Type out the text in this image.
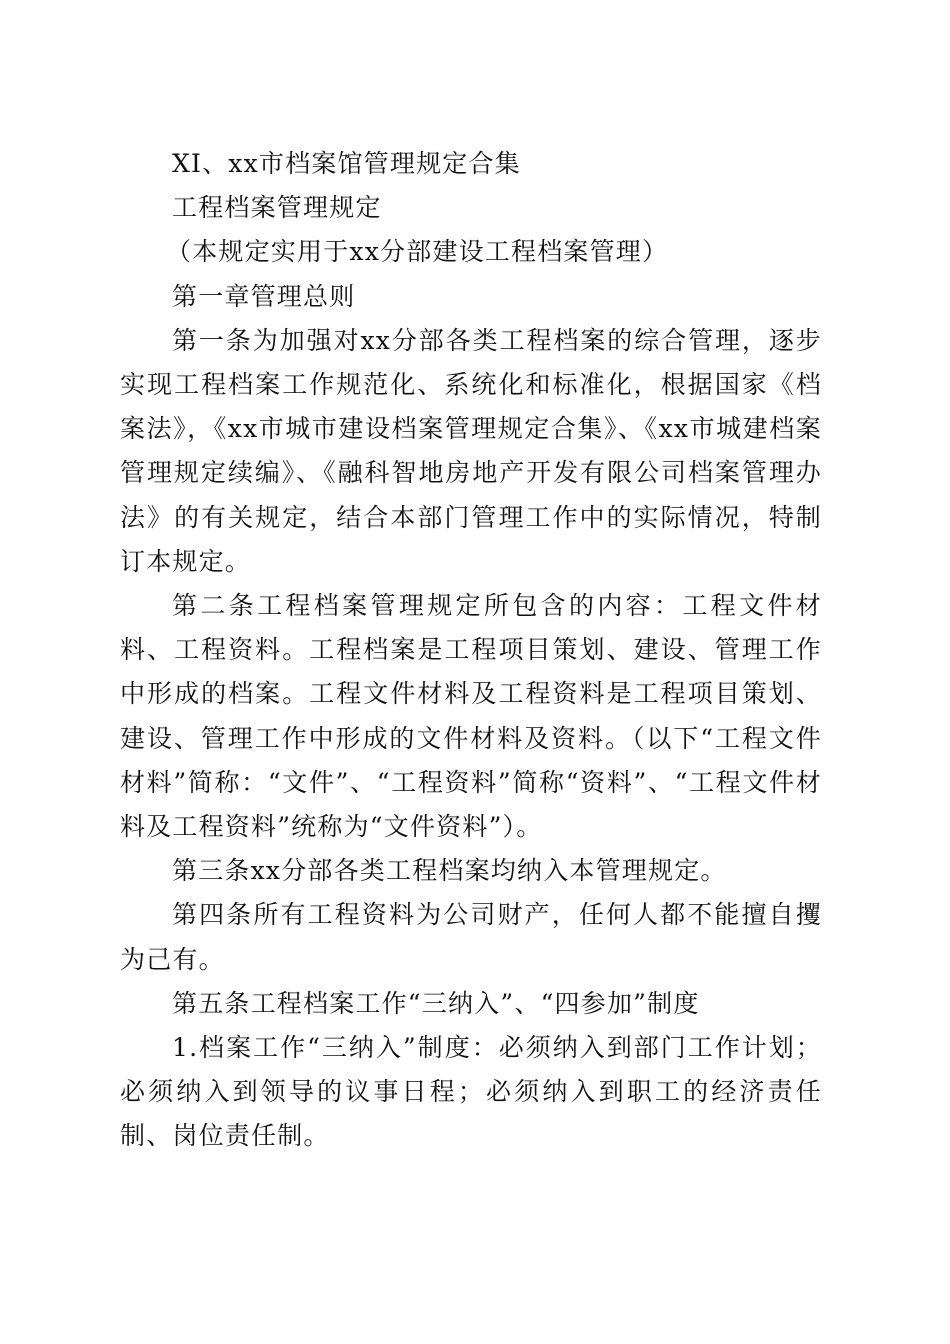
XI、xx市档案馆管理规定合集

工程档案管理规定

（本规定实用于xx分部建设工程档案管理）

第一章管理总则

第一条为加强对xx分部各类工程档案的综合管理，逐步实现工程档案工作规范化、系统化和标准化，根据国家《档案法》，《xx市城市建设档案管理规定合集》、《xx市城建档案管理规定续编》、《融科智地房地产开发有限公司档案管理办法》的有关规定，结合本部门管理工作中的实际情况，特制订本规定。

第二条工程档案管理规定所包含的内容：工程文件材料、工程资料。工程档案是工程项目策划、建设、管理工作中形成的档案。工程文件材料及工程资料是工程项目策划、建设、管理工作中形成的文件材料及资料。（以下“工程文件材料”简称：“文件”、“工程资料”简称“资料”、“工程文件材料及工程资料”统称为“文件资料”）。

第三条xx分部各类工程档案均纳入本管理规定。

第四条所有工程资料为公司财产，任何人都不能擅自攫为己有。

第五条工程档案工作“三纳入”、“四参加”制度

1.档案工作“三纳入”制度：必须纳入到部门工作计划；必须纳入到领导的议事日程；必须纳入到职工的经济责任制、岗位责任制。
